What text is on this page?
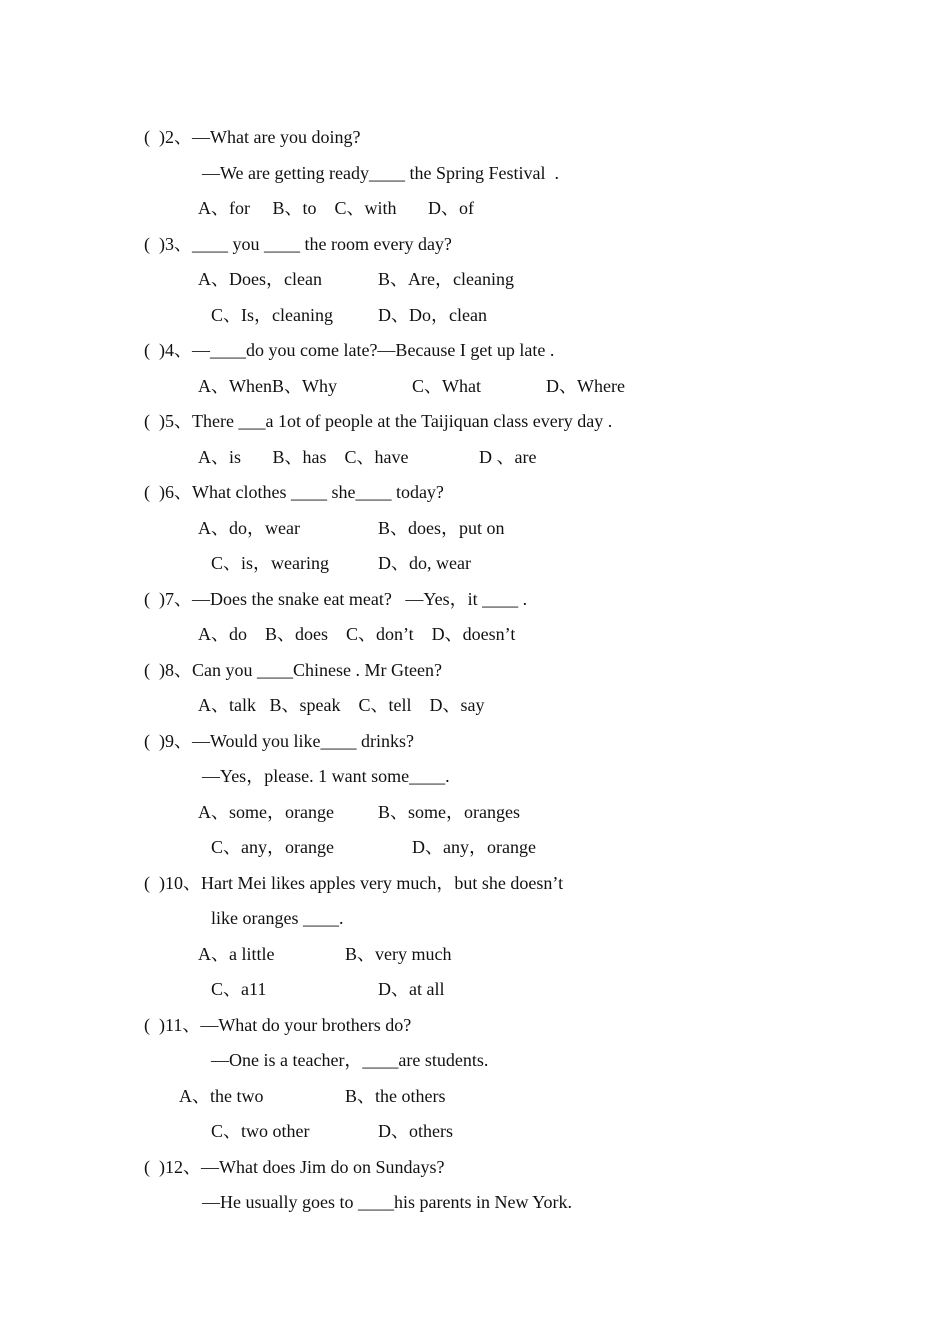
(  )2、—What are you doing?
—We are getting ready____ the Spring Festival  .
A、for     B、to    C、with       D、of
(  )3、____ you ____ the room every day?
A、Does，clean	B、Are，cleaning
C、Is，cleaning	D、Do，clean
(  )4、—____do you come late?—Because I get up late .
A、WhenB、Why	C、What	D、Where
(  )5、There ___a 1ot of people at the Taijiquan class every day .
A、is       B、has    C、have	D 、are
(  )6、What clothes ____ she____ today?
A、do，wear	B、does，put on
C、is，wearing	D、do, wear
(  )7、—Does the snake eat meat?   —Yes，it ____ .
A、do    B、does    C、don’t    D、doesn’t
(  )8、Can you ____Chinese . Mr Gteen?
A、talk   B、speak    C、tell    D、say
(  )9、—Would you like____ drinks?
—Yes，please. 1 want some____.
A、some，orange B、some，oranges
C、any，orange	D、any，orange
(  )10、Hart Mei likes apples very much，but she doesn’t
like oranges ____.
A、a little	B、very much
C、a11	D、at all
(  )11、—What do your brothers do?
—One is a teacher，____are students.
A、the two	B、the others
C、two other	D、others
(  )12、—What does Jim do on Sundays?
—He usually goes to ____his parents in New York.
